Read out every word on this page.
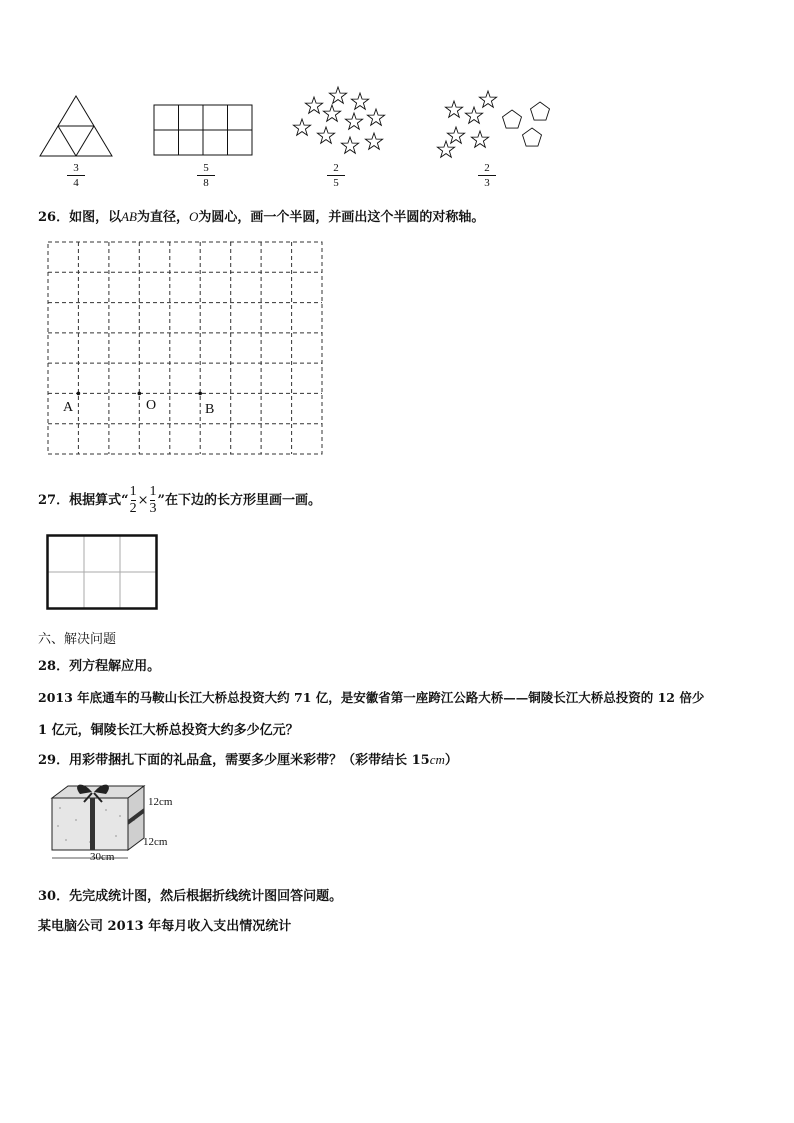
3
4
5
8
2
5
2
3
26．如图，以AB为直径，O为圆心，画一个半圆，并画出这个半圆的对称轴。
A	O	B
27．根据算式“ $\frac{1}{2} \times \frac{1}{3}$ ”在下边的长方形里画一画。
六、解决问题
28．列方程解应用。
2013 年底通车的马鞍山长江大桥总投资大约 71 亿，是安徽省第一座跨江公路大桥——铜陵长江大桥总投资的 12 倍少
1 亿元，铜陵长江大桥总投资大约多少亿元？
29．用彩带捆扎下面的礼品盒，需要多少厘米彩带？（彩带结长 15cm）
12cm
12cm
30cm
30．先完成统计图，然后根据折线统计图回答问题。
某电脑公司 2013 年每月收入支出情况统计
